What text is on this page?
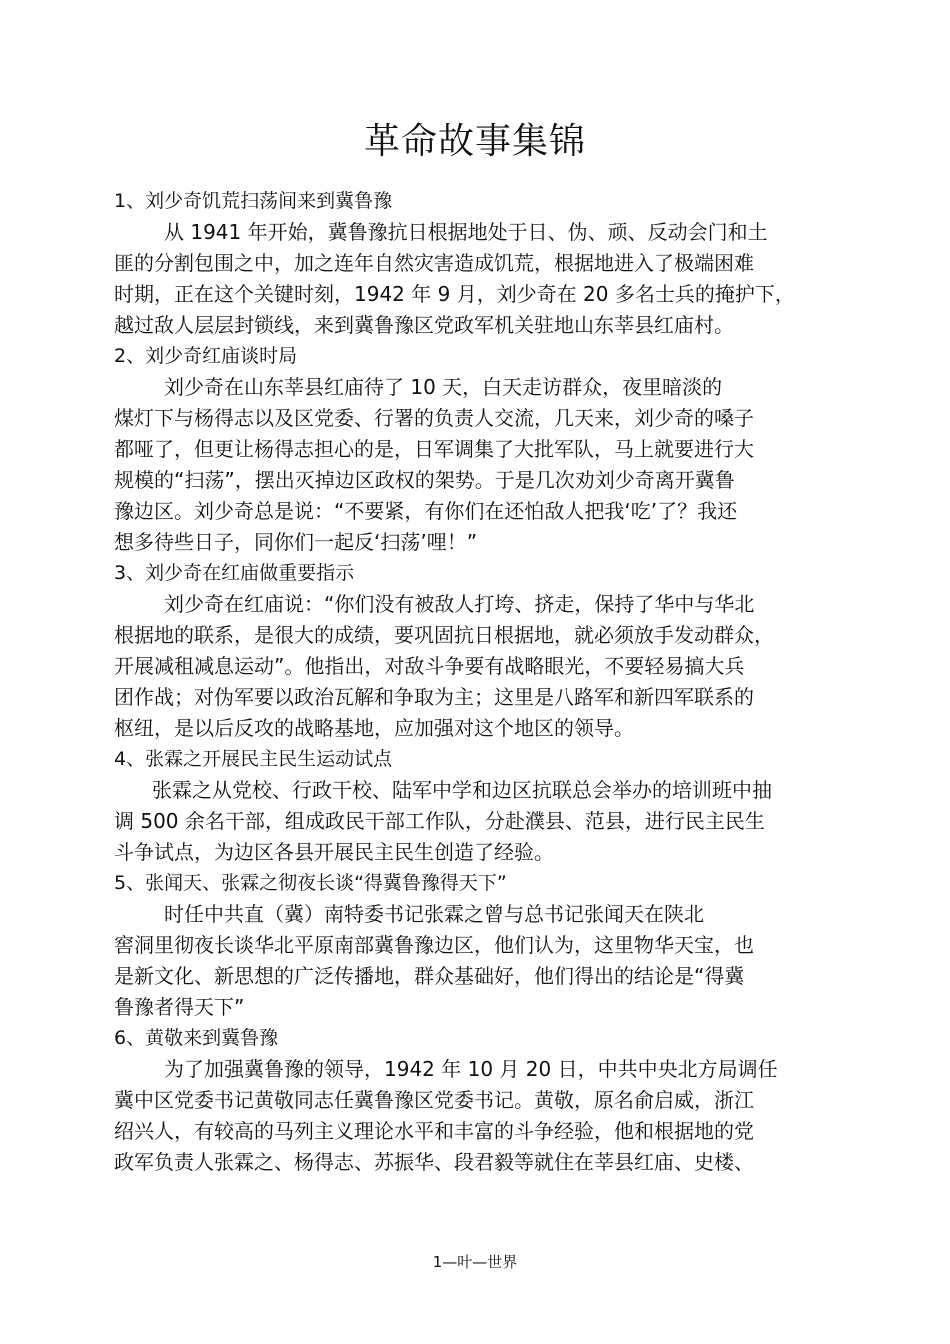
革命故事集锦
1、刘少奇饥荒扫荡间来到冀鲁豫
从 1941 年开始，冀鲁豫抗日根据地处于日、伪、顽、反动会门和土
匪的分割包围之中，加之连年自然灾害造成饥荒，根据地进入了极端困难
时期，正在这个关键时刻，1942 年 9 月，刘少奇在 20 多名士兵的掩护下，
越过敌人层层封锁线，来到冀鲁豫区党政军机关驻地山东莘县红庙村。
2、刘少奇红庙谈时局
刘少奇在山东莘县红庙待了 10 天，白天走访群众，夜里暗淡的
煤灯下与杨得志以及区党委、行署的负责人交流，几天来，刘少奇的嗓子
都哑了，但更让杨得志担心的是，日军调集了大批军队，马上就要进行大
规模的“扫荡”，摆出灭掉边区政权的架势。于是几次劝刘少奇离开冀鲁
豫边区。刘少奇总是说：“不要紧，有你们在还怕敌人把我‘吃’了？我还
想多待些日子，同你们一起反‘扫荡’哩！”
3、刘少奇在红庙做重要指示
刘少奇在红庙说：“你们没有被敌人打垮、挤走，保持了华中与华北
根据地的联系，是很大的成绩，要巩固抗日根据地，就必须放手发动群众，
开展减租减息运动”。他指出，对敌斗争要有战略眼光，不要轻易搞大兵
团作战；对伪军要以政治瓦解和争取为主；这里是八路军和新四军联系的
枢纽，是以后反攻的战略基地，应加强对这个地区的领导。
4、张霖之开展民主民生运动试点
张霖之从党校、行政干校、陆军中学和边区抗联总会举办的培训班中抽
调 500 余名干部，组成政民干部工作队，分赴濮县、范县，进行民主民生
斗争试点，为边区各县开展民主民生创造了经验。
5、张闻天、张霖之彻夜长谈“得冀鲁豫得天下”
时任中共直（冀）南特委书记张霖之曾与总书记张闻天在陕北
窖洞里彻夜长谈华北平原南部冀鲁豫边区，他们认为，这里物华天宝，也
是新文化、新思想的广泛传播地，群众基础好，他们得出的结论是“得冀
鲁豫者得天下”
6、黄敬来到冀鲁豫
为了加强冀鲁豫的领导，1942 年 10 月 20 日，中共中央北方局调任
冀中区党委书记黄敬同志任冀鲁豫区党委书记。黄敬，原名俞启威，浙江
绍兴人，有较高的马列主义理论水平和丰富的斗争经验，他和根据地的党
政军负责人张霖之、杨得志、苏振华、段君毅等就住在莘县红庙、史楼、
1—叶—世界
